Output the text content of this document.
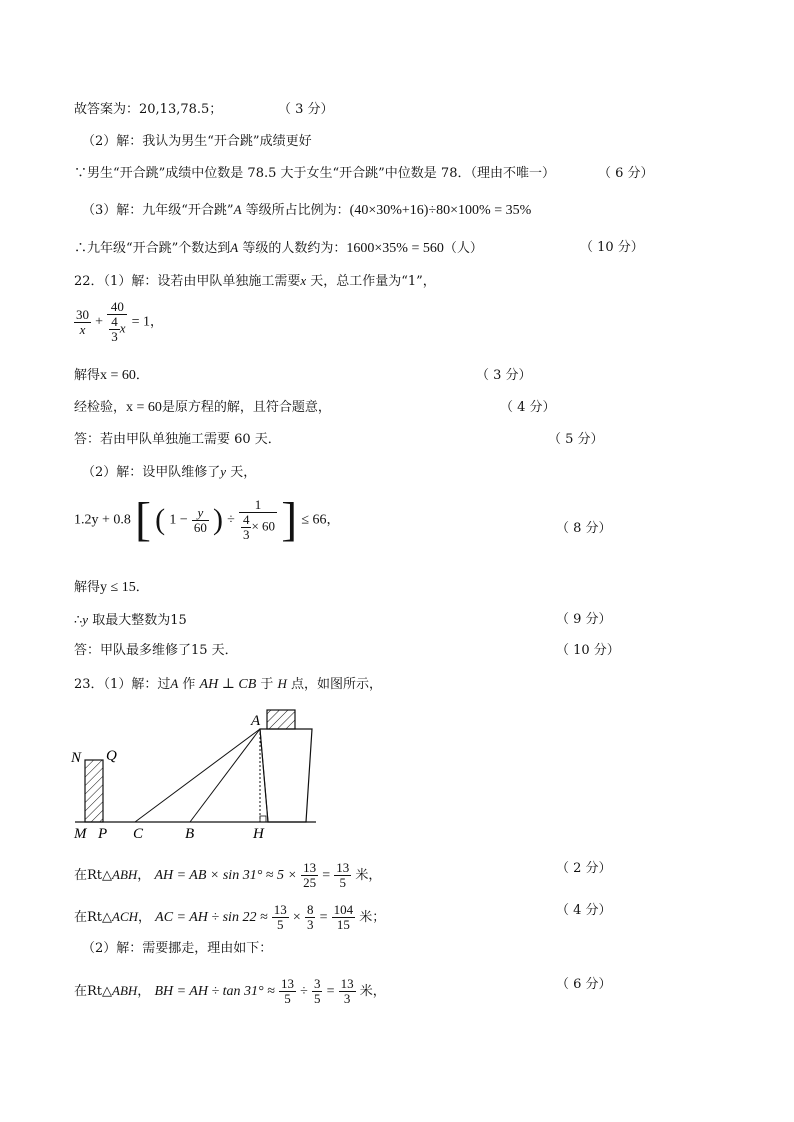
故答案为：20,13,78.5；	（ 3 分）
（2）解：我认为男生“开合跳”成绩更好
∵男生“开合跳”成绩中位数是 78.5 大于女生“开合跳”中位数是 78．（理由不唯一）	（ 6 分）
（3）解：九年级“开合跳”A 等级所占比例为：(40×30%+16)÷80×100% = 35%
∴九年级“开合跳”个数达到A 等级的人数约为：1600×35% = 560（人）	（ 10 分）
22．（1）解：设若由甲队单独施工需要x 天，总工作量为“1”，
$\frac{30}{x} + \frac{40}{\frac{4}{3} x} = 1$，
解得x = 60．	（ 3 分）
经检验，x = 60是原方程的解，且符合题意，	（ 4 分）
答：若由甲队单独施工需要 60 天．	（ 5 分）
（2）解：设甲队维修了y 天，
1.2y + 0.8 [ ( $1 - \frac{y}{60}$ ) ÷ $\frac{1}{\frac{4}{3} \times 60}$ ] ≤ 66，
（ 8 分）
解得y ≤ 15．
∴y 取最大整数为15	（ 9 分）
答：甲队最多维修了15 天．	（ 10 分）
23．（1）解：过A 作 AH ⊥ CB 于 H 点，如图所示，
A
N Q
M P C	B	H
在Rt△ABH， AH = AB × $\sin 31^\circ \approx 5 \times \frac{13}{25} = \frac{13}{5}$ 米，	（ 2 分）
在Rt△ACH， AC = AH ÷ $\sin 22 \approx \frac{13}{5} \times \frac{8}{3} = \frac{104}{15}$ 米；	（ 4 分）
（2）解：需要挪走，理由如下：
在Rt△ABH， BH = AH ÷ $\tan 31^\circ \approx \frac{13}{5} \div \frac{3}{5} = \frac{13}{3}$ 米，	（ 6 分）
